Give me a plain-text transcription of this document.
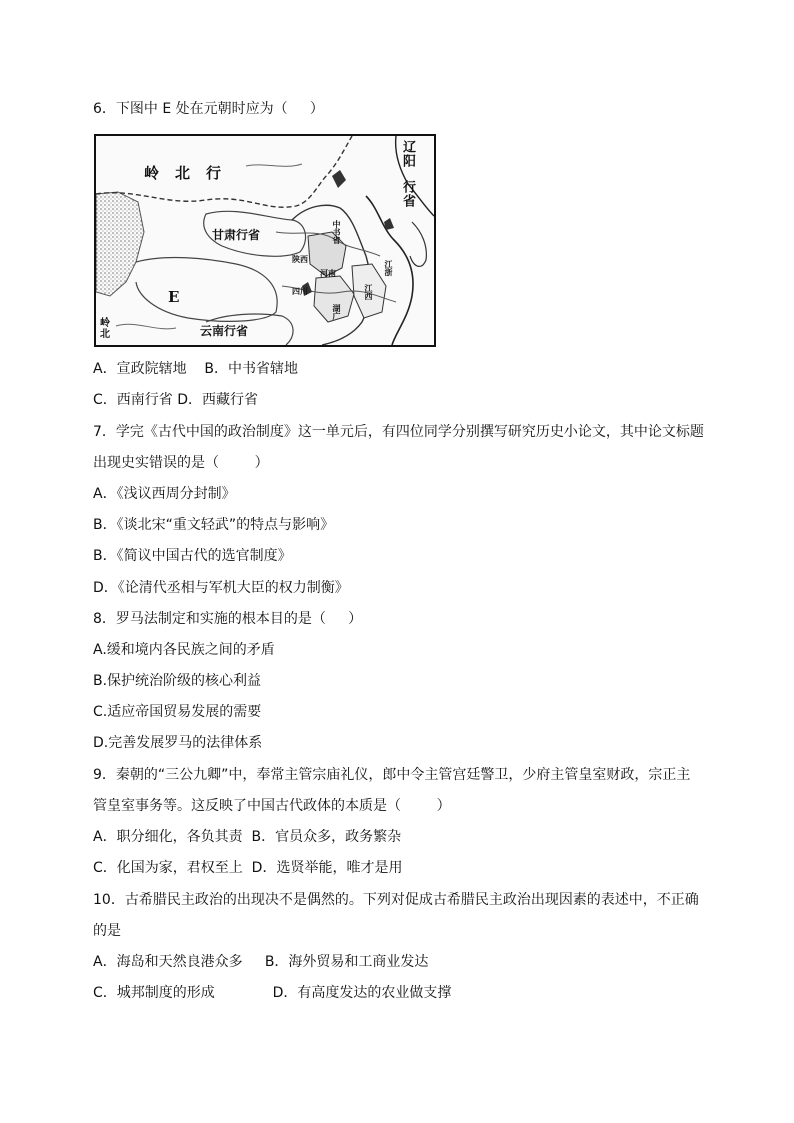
6．下图中 E 处在元朝时应为（     ）
辽阳
行省
岭北行
甘肃行省
E
云南行省
岭北
中书省
河南
湖广
江西
江浙
四川
陕西
A．宣政院辖地    B．中书省辖地
C．西南行省 D．西藏行省
7．学完《古代中国的政治制度》这一单元后，有四位同学分别撰写研究历史小论文，其中论文标题
出现史实错误的是（        ）
A．《浅议西周分封制》
B．《谈北宋“重文轻武”的特点与影响》
B．《简议中国古代的选官制度》
D．《论清代丞相与军机大臣的权力制衡》
8．罗马法制定和实施的根本目的是（     ）
A.缓和境内各民族之间的矛盾
B.保护统治阶级的核心利益
C.适应帝国贸易发展的需要
D.完善发展罗马的法律体系
9．秦朝的“三公九卿”中，奉常主管宗庙礼仪，郎中令主管宫廷警卫，少府主管皇室财政，宗正主
管皇室事务等。这反映了中国古代政体的本质是（        ）
A．职分细化，各负其责  B．官员众多，政务繁杂
C．化国为家，君权至上  D．选贤举能，唯才是用
10．古希腊民主政治的出现决不是偶然的。下列对促成古希腊民主政治出现因素的表述中，不正确
的是
A．海岛和天然良港众多     B．海外贸易和工商业发达
C．城邦制度的形成             D．有高度发达的农业做支撑
